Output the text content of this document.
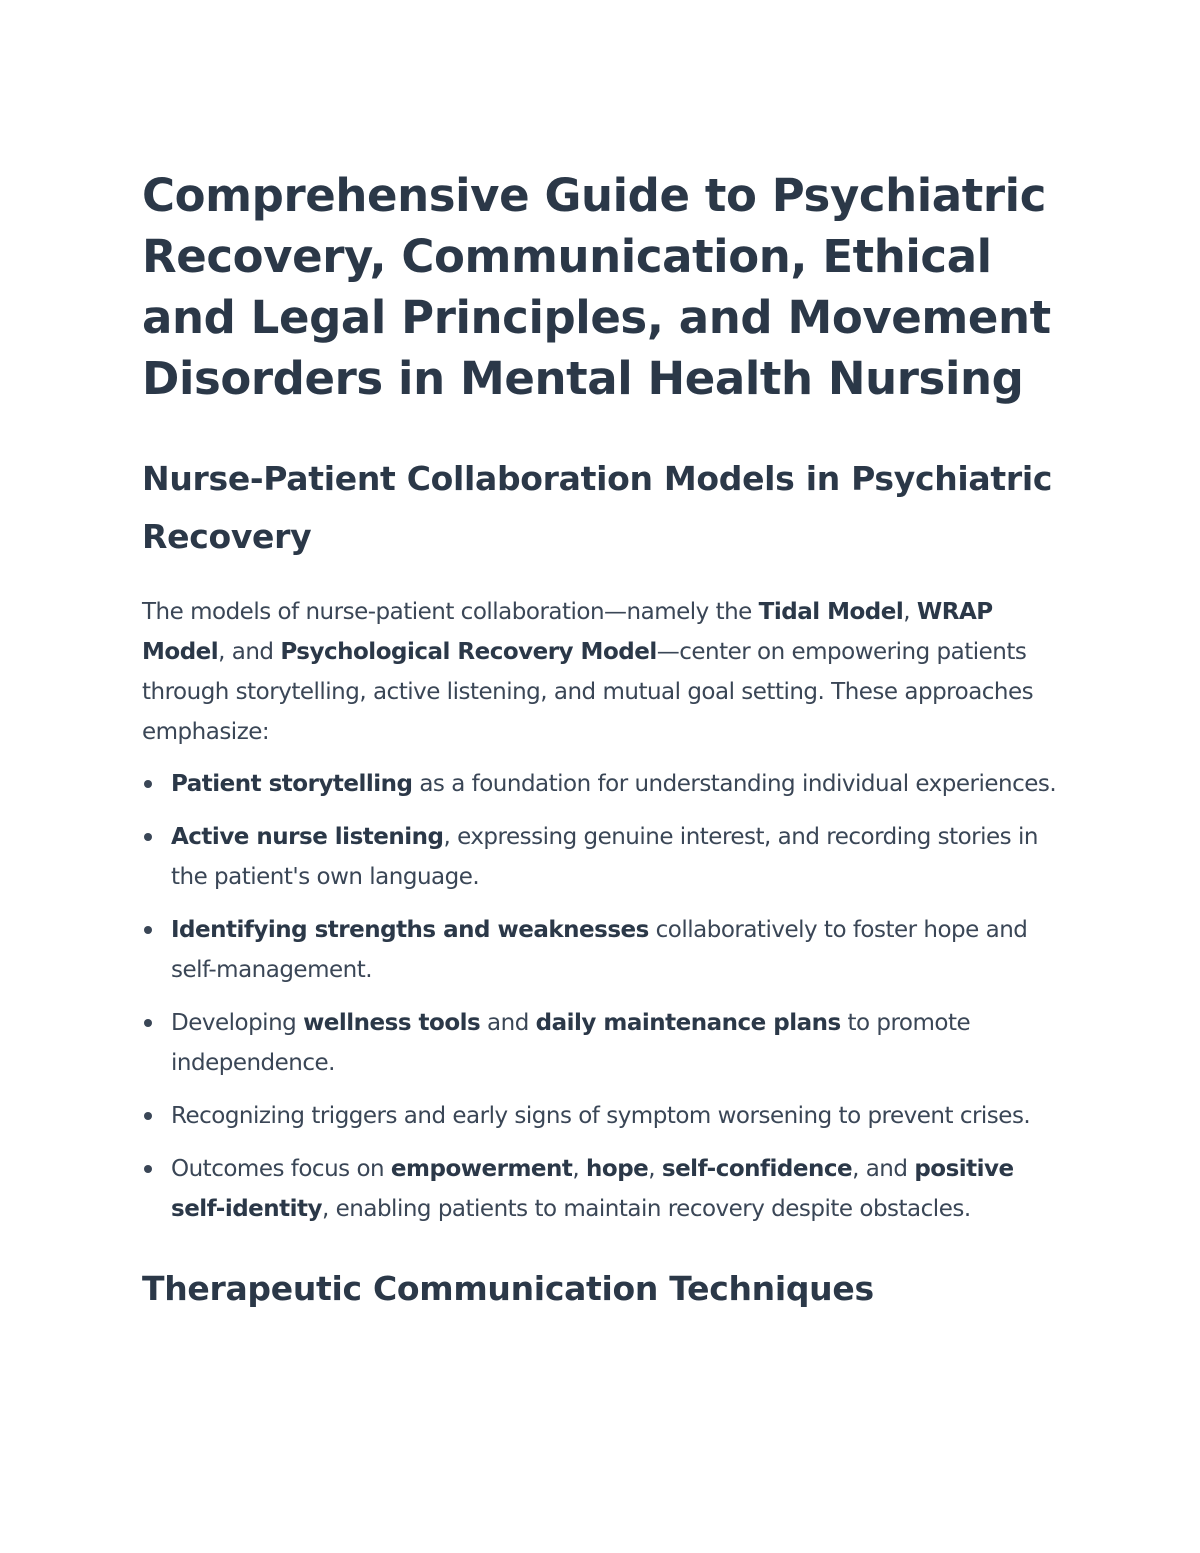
Comprehensive Guide to Psychiatric Recovery, Communication, Ethical and Legal Principles, and Movement Disorders in Mental Health Nursing
Nurse-Patient Collaboration Models in Psychiatric Recovery

The models of nurse-patient collaboration—namely the Tidal Model, WRAP Model, and Psychological Recovery Model—center on empowering patients through storytelling, active listening, and mutual goal setting. These approaches emphasize:

Patient storytelling as a foundation for understanding individual experiences.
Active nurse listening, expressing genuine interest, and recording stories in the patient's own language.
Identifying strengths and weaknesses collaboratively to foster hope and self-management.
Developing wellness tools and daily maintenance plans to promote independence.
Recognizing triggers and early signs of symptom worsening to prevent crises.
Outcomes focus on empowerment, hope, self-confidence, and positive self-identity, enabling patients to maintain recovery despite obstacles.
Therapeutic Communication Techniques
